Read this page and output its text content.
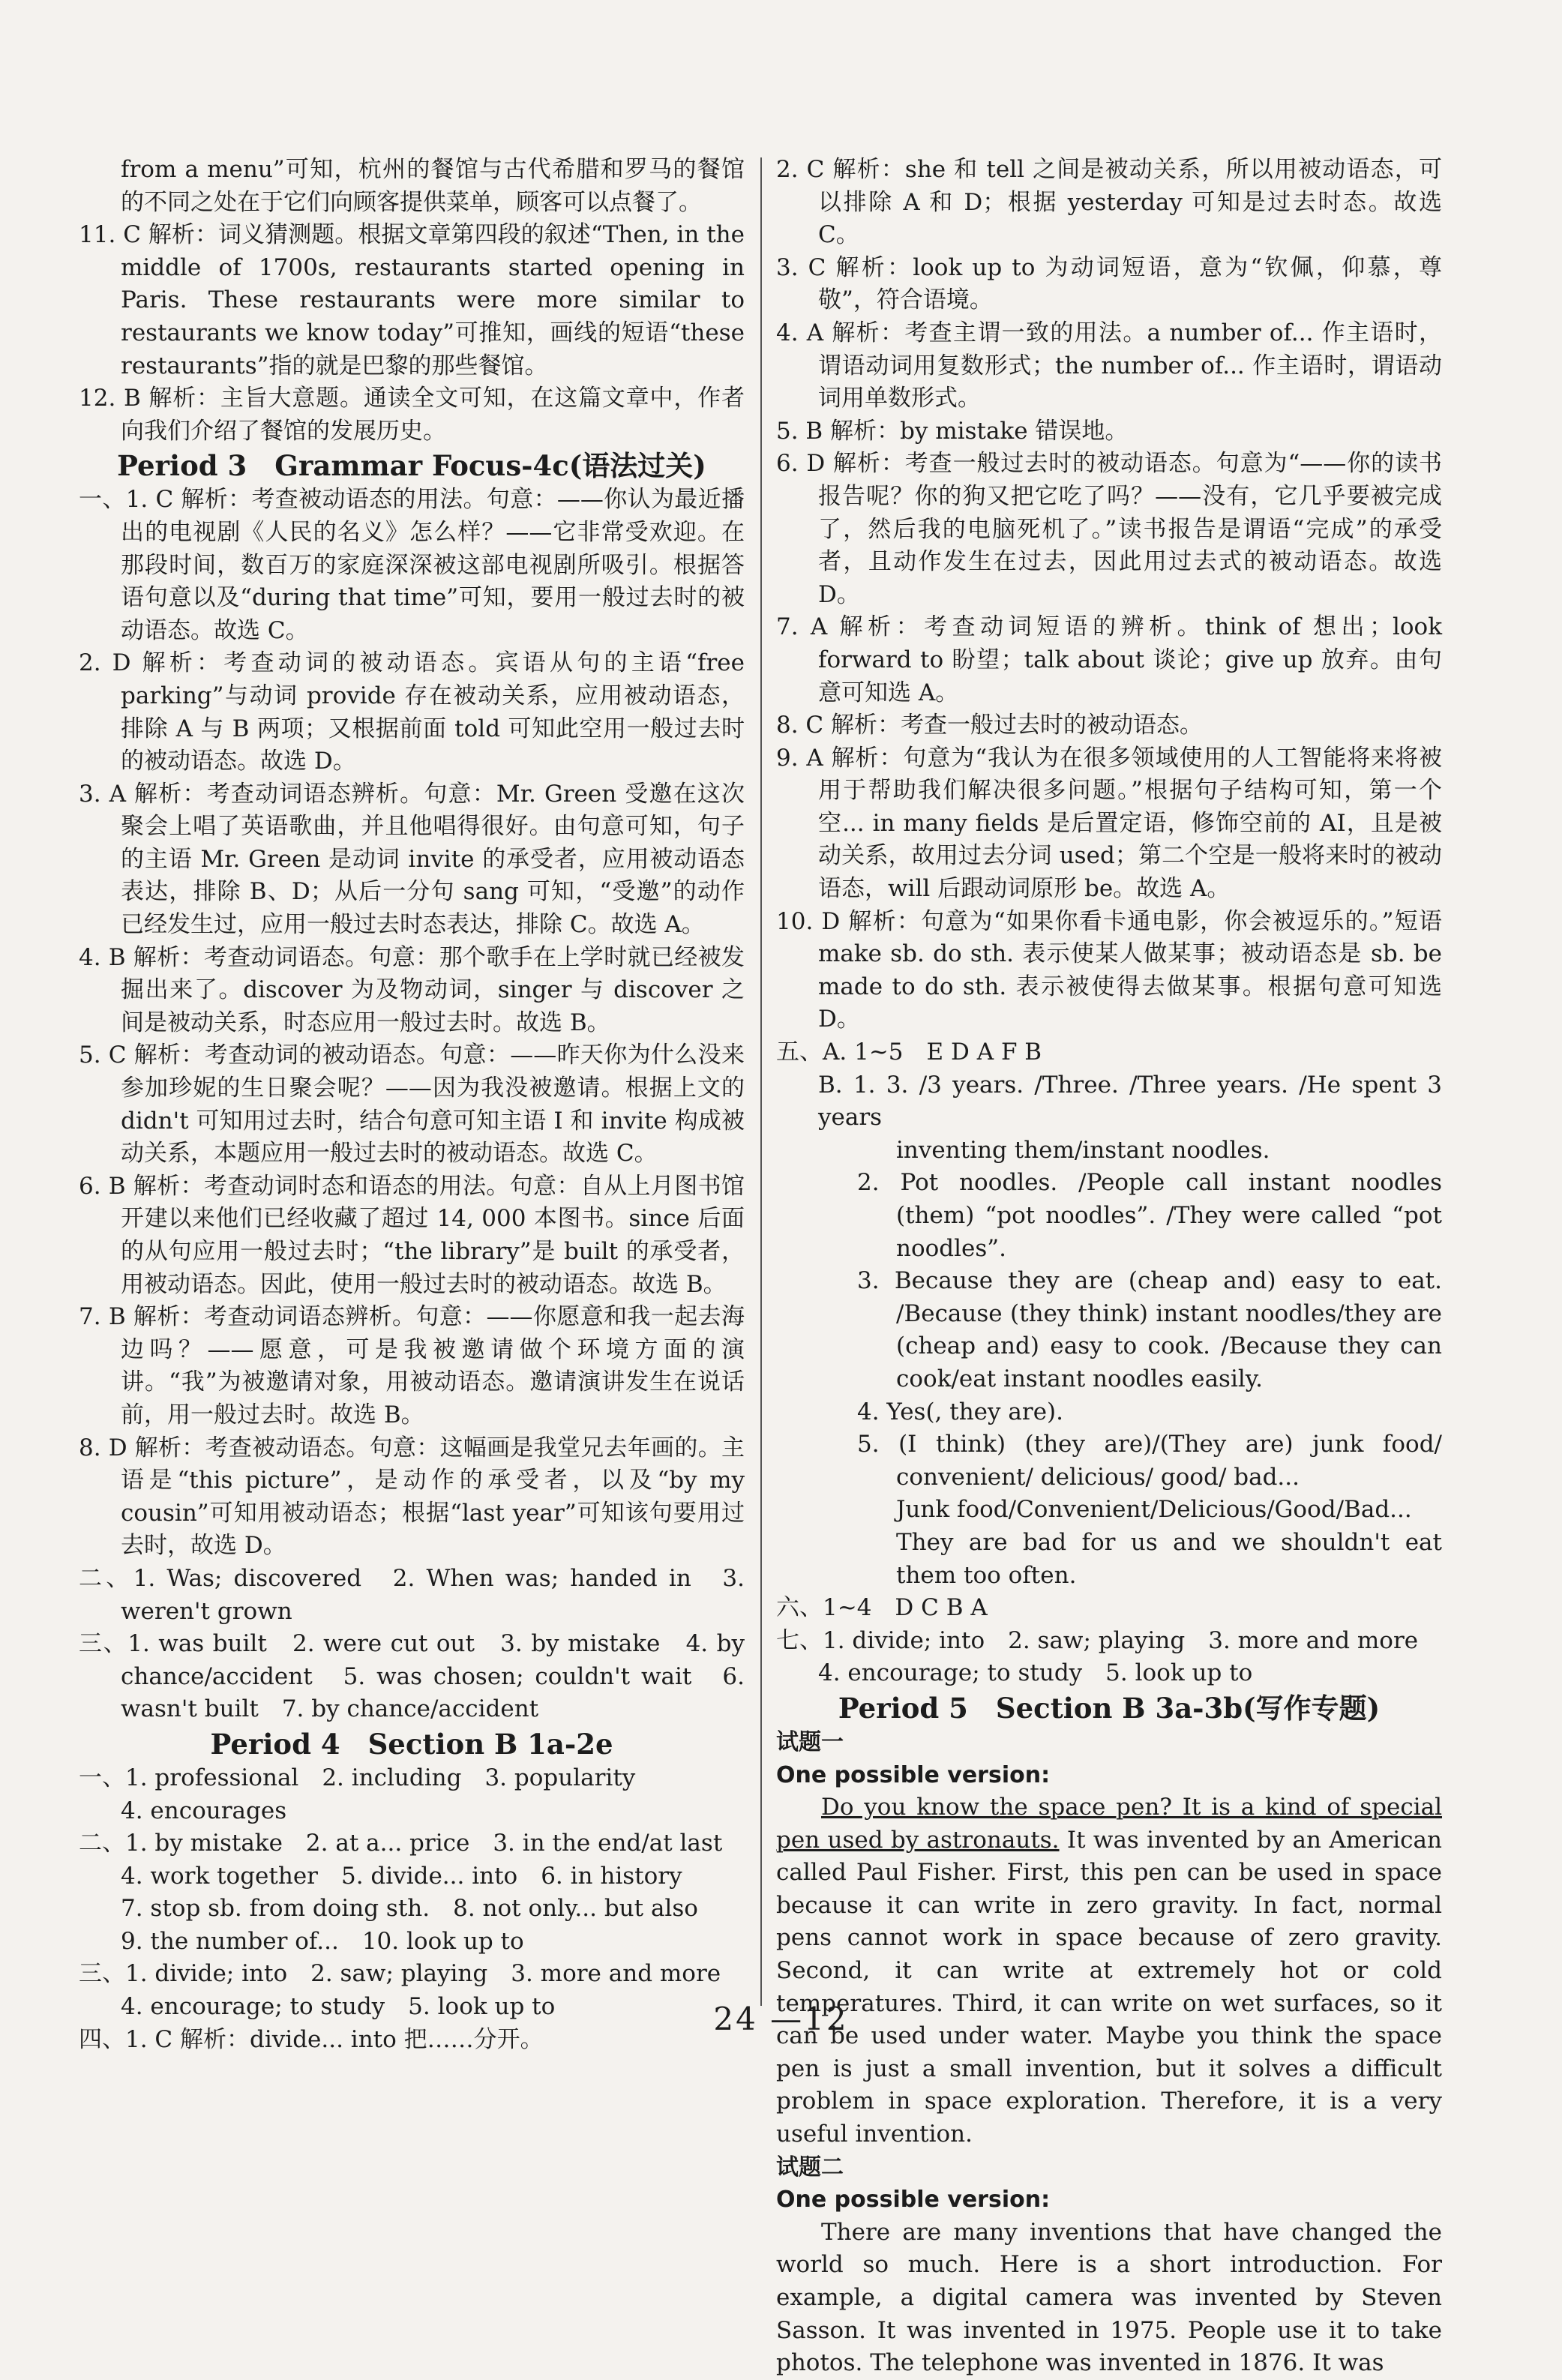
from a menu”可知，杭州的餐馆与古代希腊和罗马的餐馆的不同之处在于它们向顾客提供菜单，顾客可以点餐了。

11. C 解析：词义猜测题。根据文章第四段的叙述“Then, in the middle of 1700s, restaurants started opening in Paris. These restaurants were more similar to restaurants we know today”可推知，画线的短语“these restaurants”指的就是巴黎的那些餐馆。

12. B 解析：主旨大意题。通读全文可知，在这篇文章中，作者向我们介绍了餐馆的发展历史。

Period 3　Grammar Focus-4c(语法过关)

一、1. C 解析：考查被动语态的用法。句意：——你认为最近播出的电视剧《人民的名义》怎么样？——它非常受欢迎。在那段时间，数百万的家庭深深被这部电视剧所吸引。根据答语句意以及“during that time”可知，要用一般过去时的被动语态。故选 C。

2. D 解析：考查动词的被动语态。宾语从句的主语“free parking”与动词 provide 存在被动关系，应用被动语态，排除 A 与 B 两项；又根据前面 told 可知此空用一般过去时的被动语态。故选 D。

3. A 解析：考查动词语态辨析。句意：Mr. Green 受邀在这次聚会上唱了英语歌曲，并且他唱得很好。由句意可知，句子的主语 Mr. Green 是动词 invite 的承受者，应用被动语态表达，排除 B、D；从后一分句 sang 可知，“受邀”的动作已经发生过，应用一般过去时态表达，排除 C。故选 A。

4. B 解析：考查动词语态。句意：那个歌手在上学时就已经被发掘出来了。discover 为及物动词，singer 与 discover 之间是被动关系，时态应用一般过去时。故选 B。

5. C 解析：考查动词的被动语态。句意：——昨天你为什么没来参加珍妮的生日聚会呢？——因为我没被邀请。根据上文的 didn't 可知用过去时，结合句意可知主语 I 和 invite 构成被动关系，本题应用一般过去时的被动语态。故选 C。

6. B 解析：考查动词时态和语态的用法。句意：自从上月图书馆开建以来他们已经收藏了超过 14, 000 本图书。since 后面的从句应用一般过去时；“the library”是 built 的承受者，用被动语态。因此，使用一般过去时的被动语态。故选 B。

7. B 解析：考查动词语态辨析。句意：——你愿意和我一起去海边吗？——愿意，可是我被邀请做个环境方面的演讲。“我”为被邀请对象，用被动语态。邀请演讲发生在说话前，用一般过去时。故选 B。

8. D 解析：考查被动语态。句意：这幅画是我堂兄去年画的。主语是“this picture”，是动作的承受者，以及“by my cousin”可知用被动语态；根据“last year”可知该句要用过去时，故选 D。

二、1. Was; discovered　2. When was; handed in　3. weren't grown

三、1. was built　2. were cut out　3. by mistake　4. by chance/accident　5. was chosen; couldn't wait　6. wasn't built　7. by chance/accident

Period 4　Section B 1a-2e

一、1. professional　2. including　3. popularity

4. encourages

二、1. by mistake　2. at a... price　3. in the end/at last

4. work together　5. divide... into　6. in history

7. stop sb. from doing sth.　8. not only... but also

9. the number of...　10. look up to

三、1. divide; into　2. saw; playing　3. more and more

4. encourage; to study　5. look up to

四、1. C 解析：divide... into 把……分开。

2. C 解析：she 和 tell 之间是被动关系，所以用被动语态，可以排除 A 和 D；根据 yesterday 可知是过去时态。故选 C。

3. C 解析：look up to 为动词短语，意为“钦佩，仰慕，尊敬”，符合语境。

4. A 解析：考查主谓一致的用法。a number of... 作主语时，谓语动词用复数形式；the number of... 作主语时，谓语动词用单数形式。

5. B 解析：by mistake 错误地。

6. D 解析：考查一般过去时的被动语态。句意为“——你的读书报告呢？你的狗又把它吃了吗？——没有，它几乎要被完成了，然后我的电脑死机了。”读书报告是谓语“完成”的承受者，且动作发生在过去，因此用过去式的被动语态。故选 D。

7. A 解析：考查动词短语的辨析。think of 想出；look forward to 盼望；talk about 谈论；give up 放弃。由句意可知选 A。

8. C 解析：考查一般过去时的被动语态。

9. A 解析：句意为“我认为在很多领域使用的人工智能将来将被用于帮助我们解决很多问题。”根据句子结构可知，第一个空... in many fields 是后置定语，修饰空前的 AI，且是被动关系，故用过去分词 used；第二个空是一般将来时的被动语态，will 后跟动词原形 be。故选 A。

10. D 解析：句意为“如果你看卡通电影，你会被逗乐的。”短语 make sb. do sth. 表示使某人做某事；被动语态是 sb. be made to do sth. 表示被使得去做某事。根据句意可知选 D。

五、A. 1~5　E D A F B

B. 1. 3. /3 years. /Three. /Three years. /He spent 3 years

inventing them/instant noodles.

2. Pot noodles. /People call instant noodles (them) “pot noodles”. /They were called “pot noodles”.

3. Because they are (cheap and) easy to eat. /Because (they think) instant noodles/they are (cheap and) easy to cook. /Because they can cook/eat instant noodles easily.

4. Yes(, they are).

5. (I think) (they are)/(They are) junk food/ convenient/ delicious/ good/ bad...

Junk food/Convenient/Delicious/Good/Bad...

They are bad for us and we shouldn't eat them too often.

六、1~4　D C B A

七、1. divide; into　2. saw; playing　3. more and more

4. encourage; to study　5. look up to

Period 5　Section B 3a-3b(写作专题)

试题一

One possible version:

Do you know the space pen? It is a kind of special pen used by astronauts. It was invented by an American called Paul Fisher. First, this pen can be used in space because it can write in zero gravity. In fact, normal pens cannot work in space because of zero gravity. Second, it can write at extremely hot or cold temperatures. Third, it can write on wet surfaces, so it can be used under water. Maybe you think the space pen is just a small invention, but it solves a difficult problem in space exploration. Therefore, it is a very useful invention.

试题二

One possible version:

There are many inventions that have changed the world so much. Here is a short introduction. For example, a digital camera was invented by Steven Sasson. It was invented in 1975. People use it to take photos. The telephone was invented in 1876. It was

24 —12
